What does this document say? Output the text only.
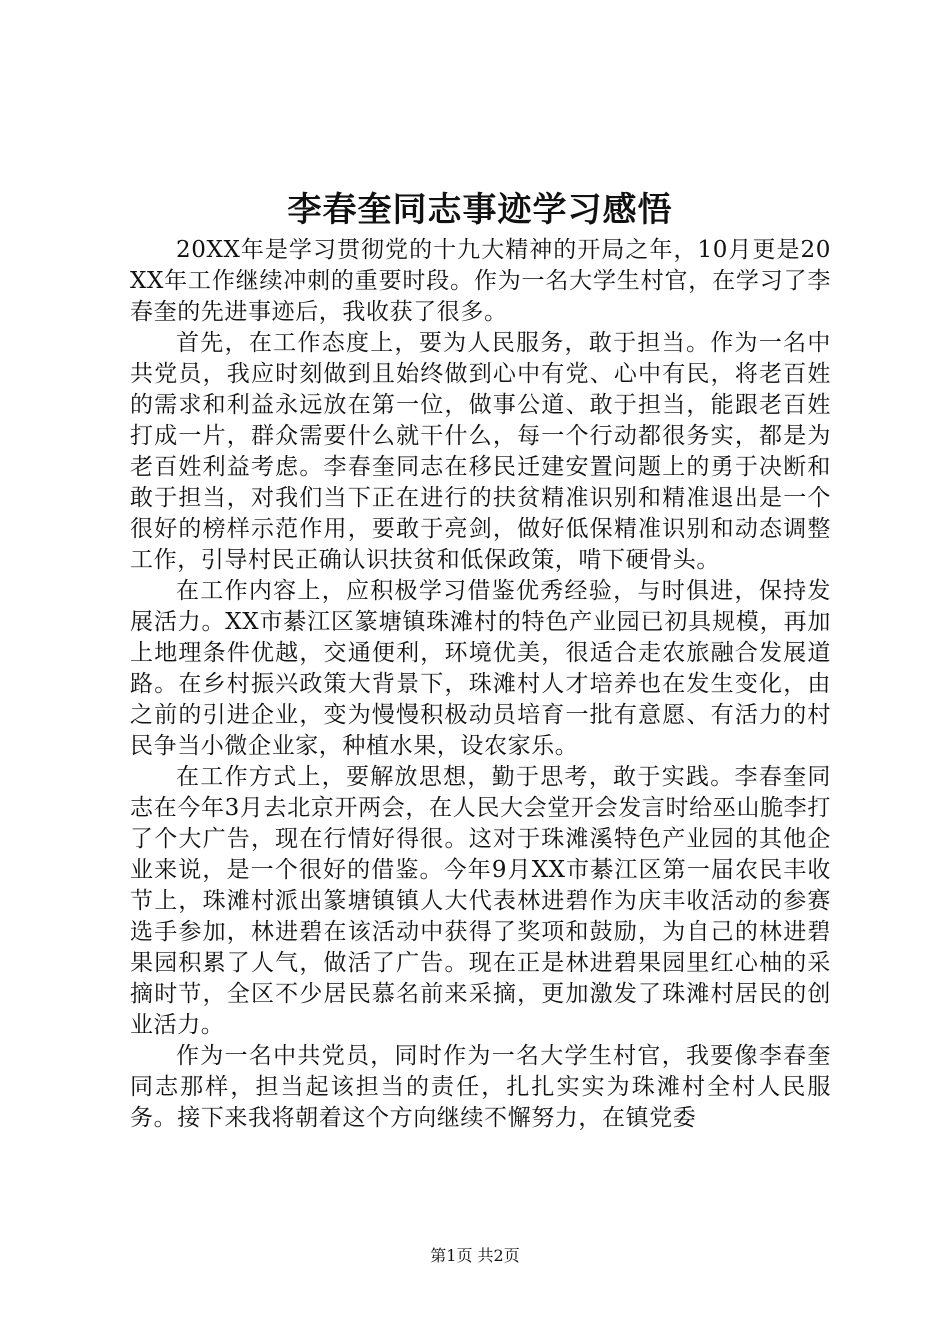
李春奎同志事迹学习感悟

20XX年是学习贯彻党的十九大精神的开局之年，10月更是20XX年工作继续冲刺的重要时段。作为一名大学生村官，在学习了李春奎的先进事迹后，我收获了很多。

首先，在工作态度上，要为人民服务，敢于担当。作为一名中共党员，我应时刻做到且始终做到心中有党、心中有民，将老百姓的需求和利益永远放在第一位，做事公道、敢于担当，能跟老百姓打成一片，群众需要什么就干什么，每一个行动都很务实，都是为老百姓利益考虑。李春奎同志在移民迁建安置问题上的勇于决断和敢于担当，对我们当下正在进行的扶贫精准识别和精准退出是一个很好的榜样示范作用，要敢于亮剑，做好低保精准识别和动态调整工作，引导村民正确认识扶贫和低保政策，啃下硬骨头。

在工作内容上，应积极学习借鉴优秀经验，与时俱进，保持发展活力。XX市綦江区篆塘镇珠滩村的特色产业园已初具规模，再加上地理条件优越，交通便利，环境优美，很适合走农旅融合发展道路。在乡村振兴政策大背景下，珠滩村人才培养也在发生变化，由之前的引进企业，变为慢慢积极动员培育一批有意愿、有活力的村民争当小微企业家，种植水果，设农家乐。

在工作方式上，要解放思想，勤于思考，敢于实践。李春奎同志在今年3月去北京开两会，在人民大会堂开会发言时给巫山脆李打了个大广告，现在行情好得很。这对于珠滩溪特色产业园的其他企业来说，是一个很好的借鉴。今年9月XX市綦江区第一届农民丰收节上，珠滩村派出篆塘镇镇人大代表林进碧作为庆丰收活动的参赛选手参加，林进碧在该活动中获得了奖项和鼓励，为自己的林进碧果园积累了人气，做活了广告。现在正是林进碧果园里红心柚的采摘时节，全区不少居民慕名前来采摘，更加激发了珠滩村居民的创业活力。

作为一名中共党员，同时作为一名大学生村官，我要像李春奎同志那样，担当起该担当的责任，扎扎实实为珠滩村全村人民服务。接下来我将朝着这个方向继续不懈努力，在镇党委

第1页 共2页
